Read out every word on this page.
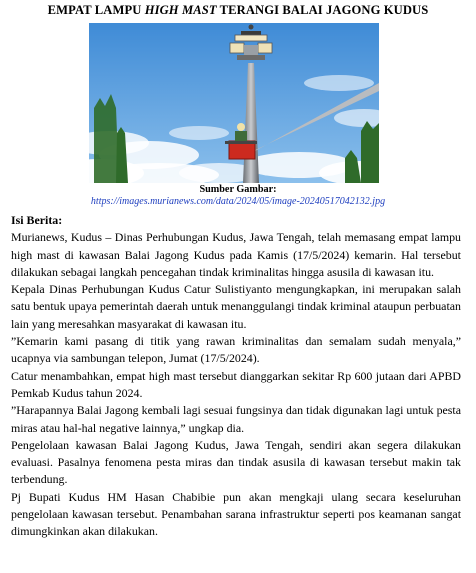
EMPAT LAMPU HIGH MAST TERANGI BALAI JAGONG KUDUS
Sumber Gambar:
https://images.murianews.com/data/2024/05/image-20240517042132.jpg
Isi Berita:

Murianews, Kudus – Dinas Perhubungan Kudus, Jawa Tengah, telah memasang empat lampu high mast di kawasan Balai Jagong Kudus pada Kamis (17/5/2024) kemarin. Hal tersebut dilakukan sebagai langkah pencegahan tindak kriminalitas hingga asusila di kawasan itu.

Kepala Dinas Perhubungan Kudus Catur Sulistiyanto mengungkapkan, ini merupakan salah satu bentuk upaya pemerintah daerah untuk menanggulangi tindak kriminal ataupun perbuatan lain yang meresahkan masyarakat di kawasan itu.

”Kemarin kami pasang di titik yang rawan kriminalitas dan semalam sudah menyala,” ucapnya via sambungan telepon, Jumat (17/5/2024).

Catur menambahkan, empat high mast tersebut dianggarkan sekitar Rp 600 jutaan dari APBD Pemkab Kudus tahun 2024.

”Harapannya Balai Jagong kembali lagi sesuai fungsinya dan tidak digunakan lagi untuk pesta miras atau hal-hal negative lainnya,” ungkap dia.

Pengelolaan kawasan Balai Jagong Kudus, Jawa Tengah, sendiri akan segera dilakukan evaluasi. Pasalnya fenomena pesta miras dan tindak asusila di kawasan tersebut makin tak terbendung.

Pj Bupati Kudus HM Hasan Chabibie pun akan mengkaji ulang secara keseluruhan pengelolaan kawasan tersebut. Penambahan sarana infrastruktur seperti pos keamanan sangat dimungkinkan akan dilakukan.
